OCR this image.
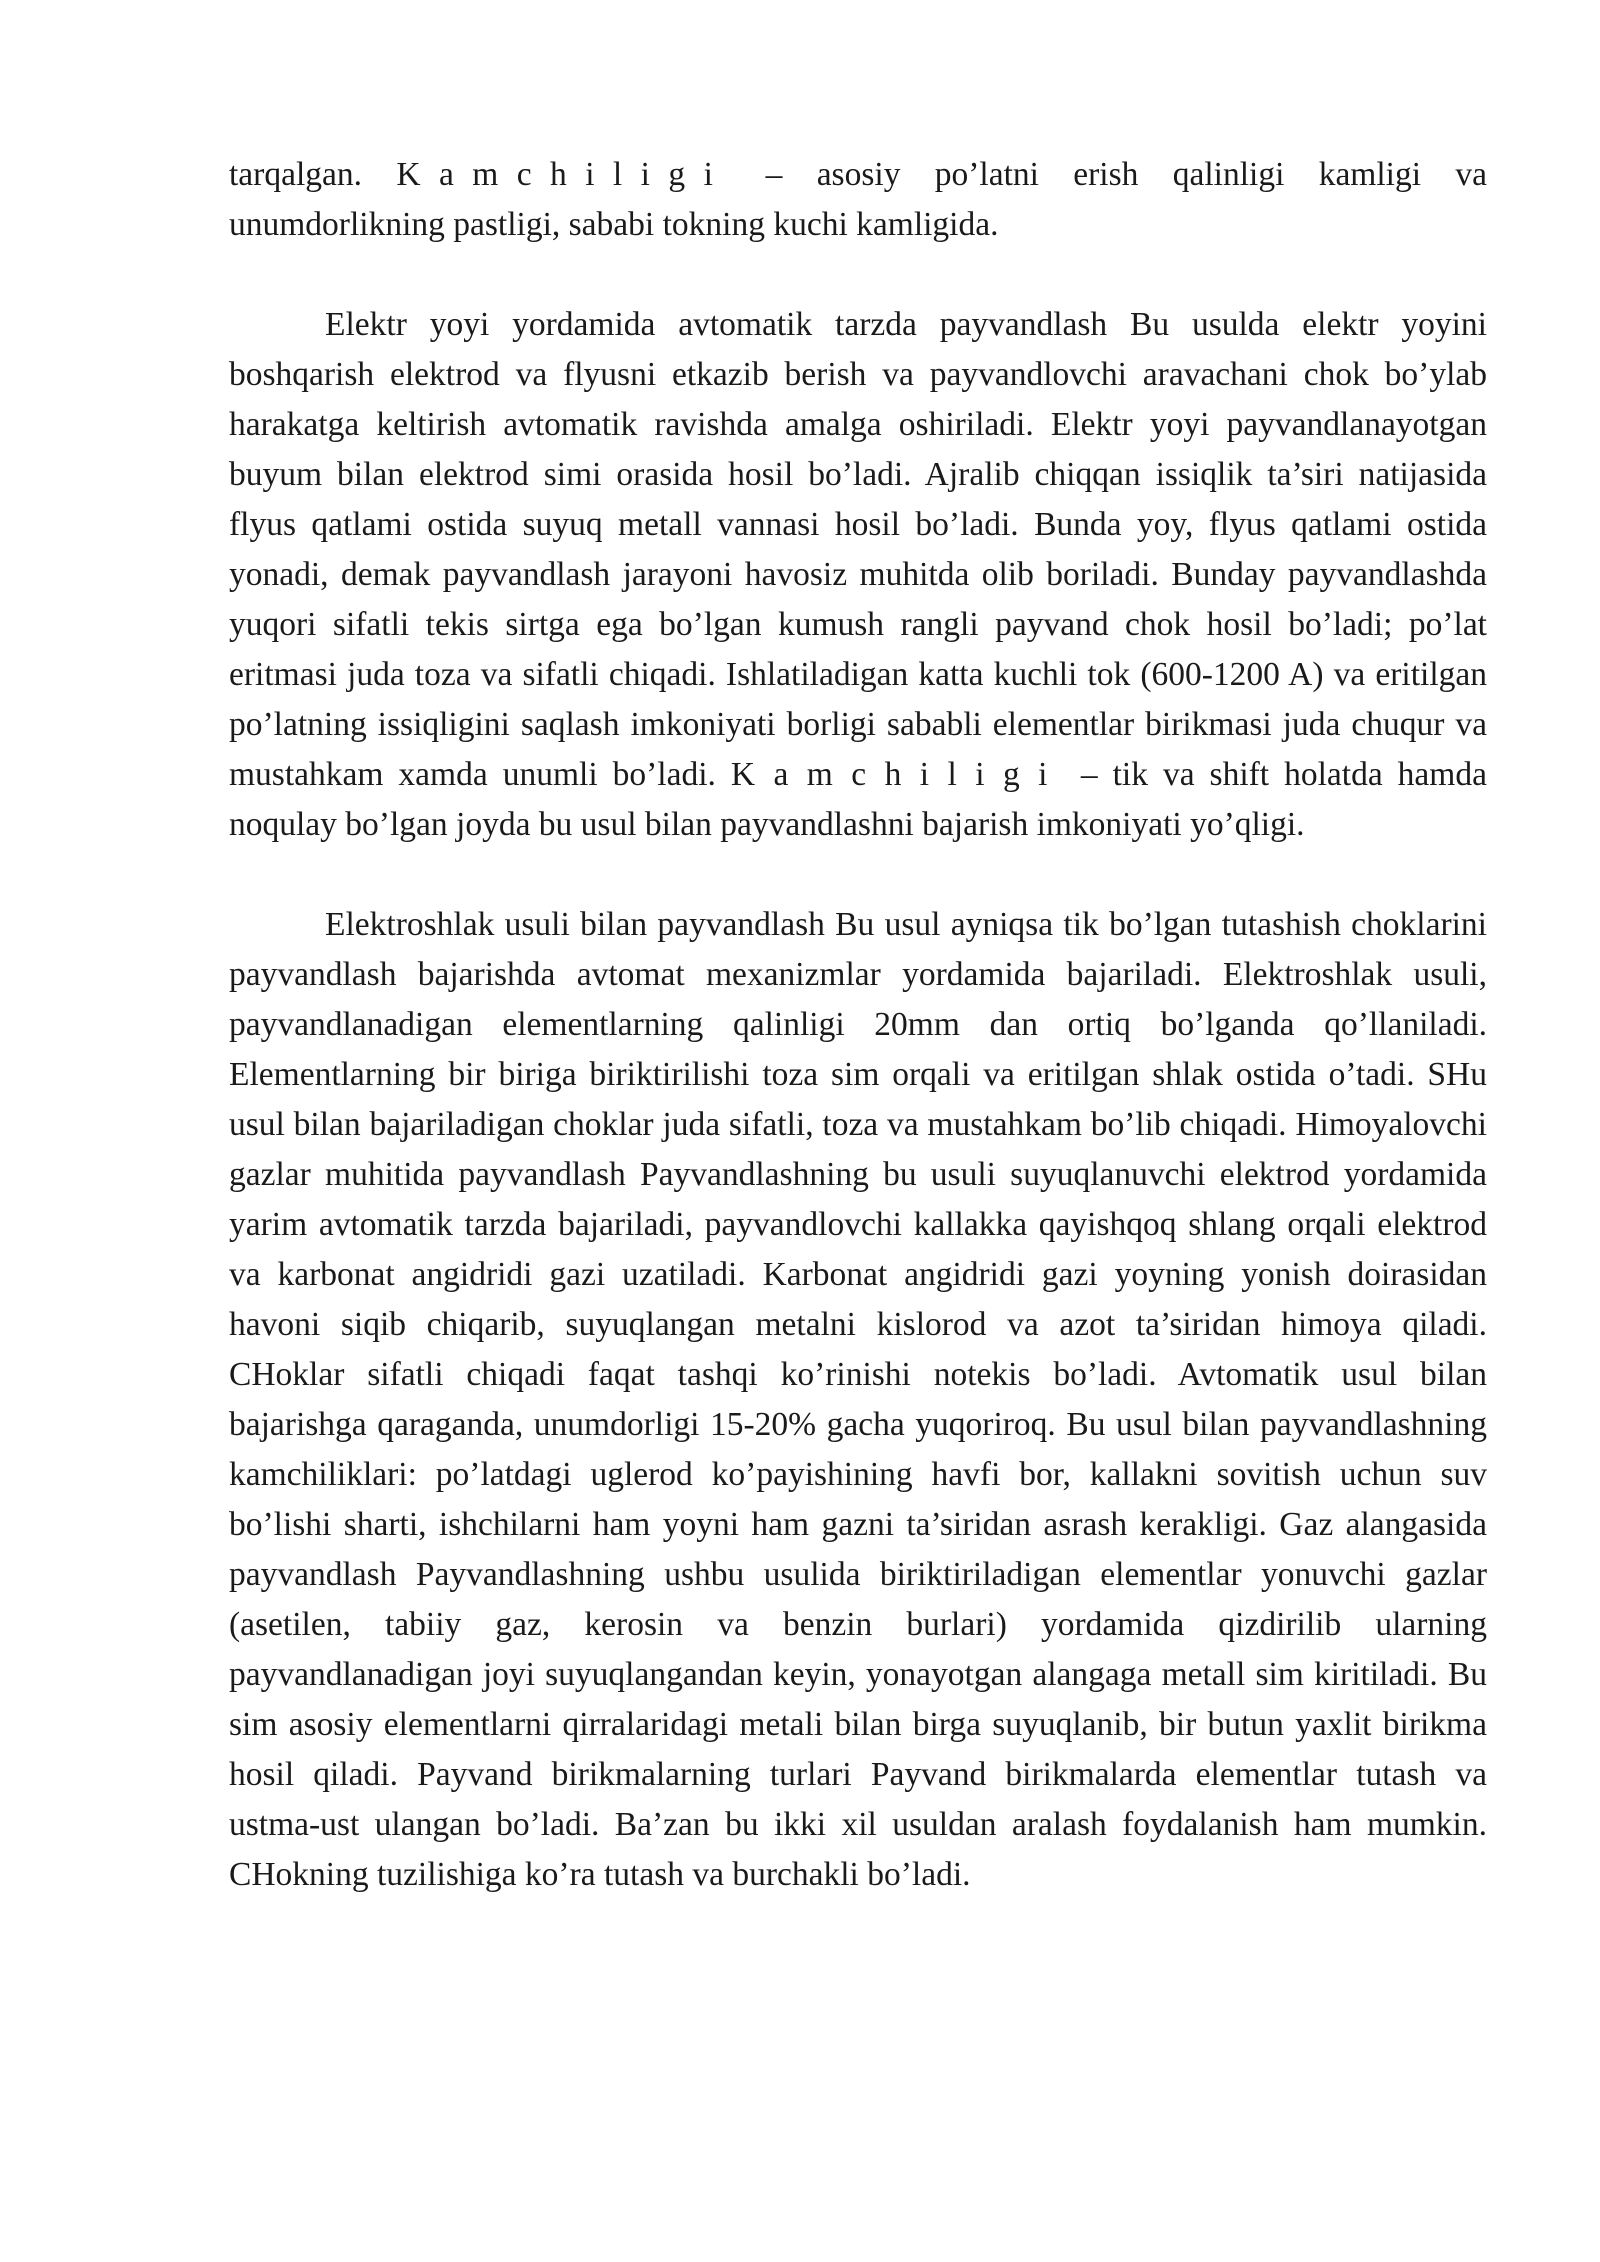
tarqalgan. Kamchiligi – asosiy po’latni erish qalinligi kamligi va unumdorlikning pastligi, sababi tokning kuchi kamligida.

Elektr yoyi yordamida avtomatik tarzda payvandlash Bu usulda elektr yoyini boshqarish elektrod va flyusni etkazib berish va payvandlovchi aravachani chok bo’ylab harakatga keltirish avtomatik ravishda amalga oshiriladi. Elektr yoyi payvandlanayotgan buyum bilan elektrod simi orasida hosil bo’ladi. Ajralib chiqqan issiqlik ta’siri natijasida flyus qatlami ostida suyuq metall vannasi hosil bo’ladi. Bunda yoy, flyus qatlami ostida yonadi, demak payvandlash jarayoni havosiz muhitda olib boriladi. Bunday payvandlashda yuqori sifatli tekis sirtga ega bo’lgan kumush rangli payvand chok hosil bo’ladi; po’lat eritmasi juda toza va sifatli chiqadi. Ishlatiladigan katta kuchli tok (600-1200 A) va eritilgan po’latning issiqligini saqlash imkoniyati borligi sababli elementlar birikmasi juda chuqur va mustahkam xamda unumli bo’ladi. Kamchiligi – tik va shift holatda hamda noqulay bo’lgan joyda bu usul bilan payvandlashni bajarish imkoniyati yo’qligi.

Elektroshlak usuli bilan payvandlash Bu usul ayniqsa tik bo’lgan tutashish choklarini payvandlash bajarishda avtomat mexanizmlar yordamida bajariladi. Elektroshlak usuli, payvandlanadigan elementlarning qalinligi 20mm dan ortiq bo’lganda qo’llaniladi. Elementlarning bir biriga biriktirilishi toza sim orqali va eritilgan shlak ostida o’tadi. SHu usul bilan bajariladigan choklar juda sifatli, toza va mustahkam bo’lib chiqadi. Himoyalovchi gazlar muhitida payvandlash Payvandlashning bu usuli suyuqlanuvchi elektrod yordamida yarim avtomatik tarzda bajariladi, payvandlovchi kallakka qayishqoq shlang orqali elektrod va karbonat angidridi gazi uzatiladi. Karbonat angidridi gazi yoyning yonish doirasidan havoni siqib chiqarib, suyuqlangan metalni kislorod va azot ta’siridan himoya qiladi. CHoklar sifatli chiqadi faqat tashqi ko’rinishi notekis bo’ladi. Avtomatik usul bilan bajarishga qaraganda, unumdorligi 15-20% gacha yuqoriroq. Bu usul bilan payvandlashning kamchiliklari: po’latdagi uglerod ko’payishining havfi bor, kallakni sovitish uchun suv bo’lishi sharti, ishchilarni ham yoyni ham gazni ta’siridan asrash kerakligi. Gaz alangasida payvandlash Payvandlashning ushbu usulida biriktiriladigan elementlar yonuvchi gazlar (asetilen, tabiiy gaz, kerosin va benzin burlari) yordamida qizdirilib ularning payvandlanadigan joyi suyuqlangandan keyin, yonayotgan alangaga metall sim kiritiladi. Bu sim asosiy elementlarni qirralaridagi metali bilan birga suyuqlanib, bir butun yaxlit birikma hosil qiladi. Payvand birikmalarning turlari Payvand birikmalarda elementlar tutash va ustma-ust ulangan bo’ladi. Ba’zan bu ikki xil usuldan aralash foydalanish ham mumkin. CHokning tuzilishiga ko’ra tutash va burchakli bo’ladi.
